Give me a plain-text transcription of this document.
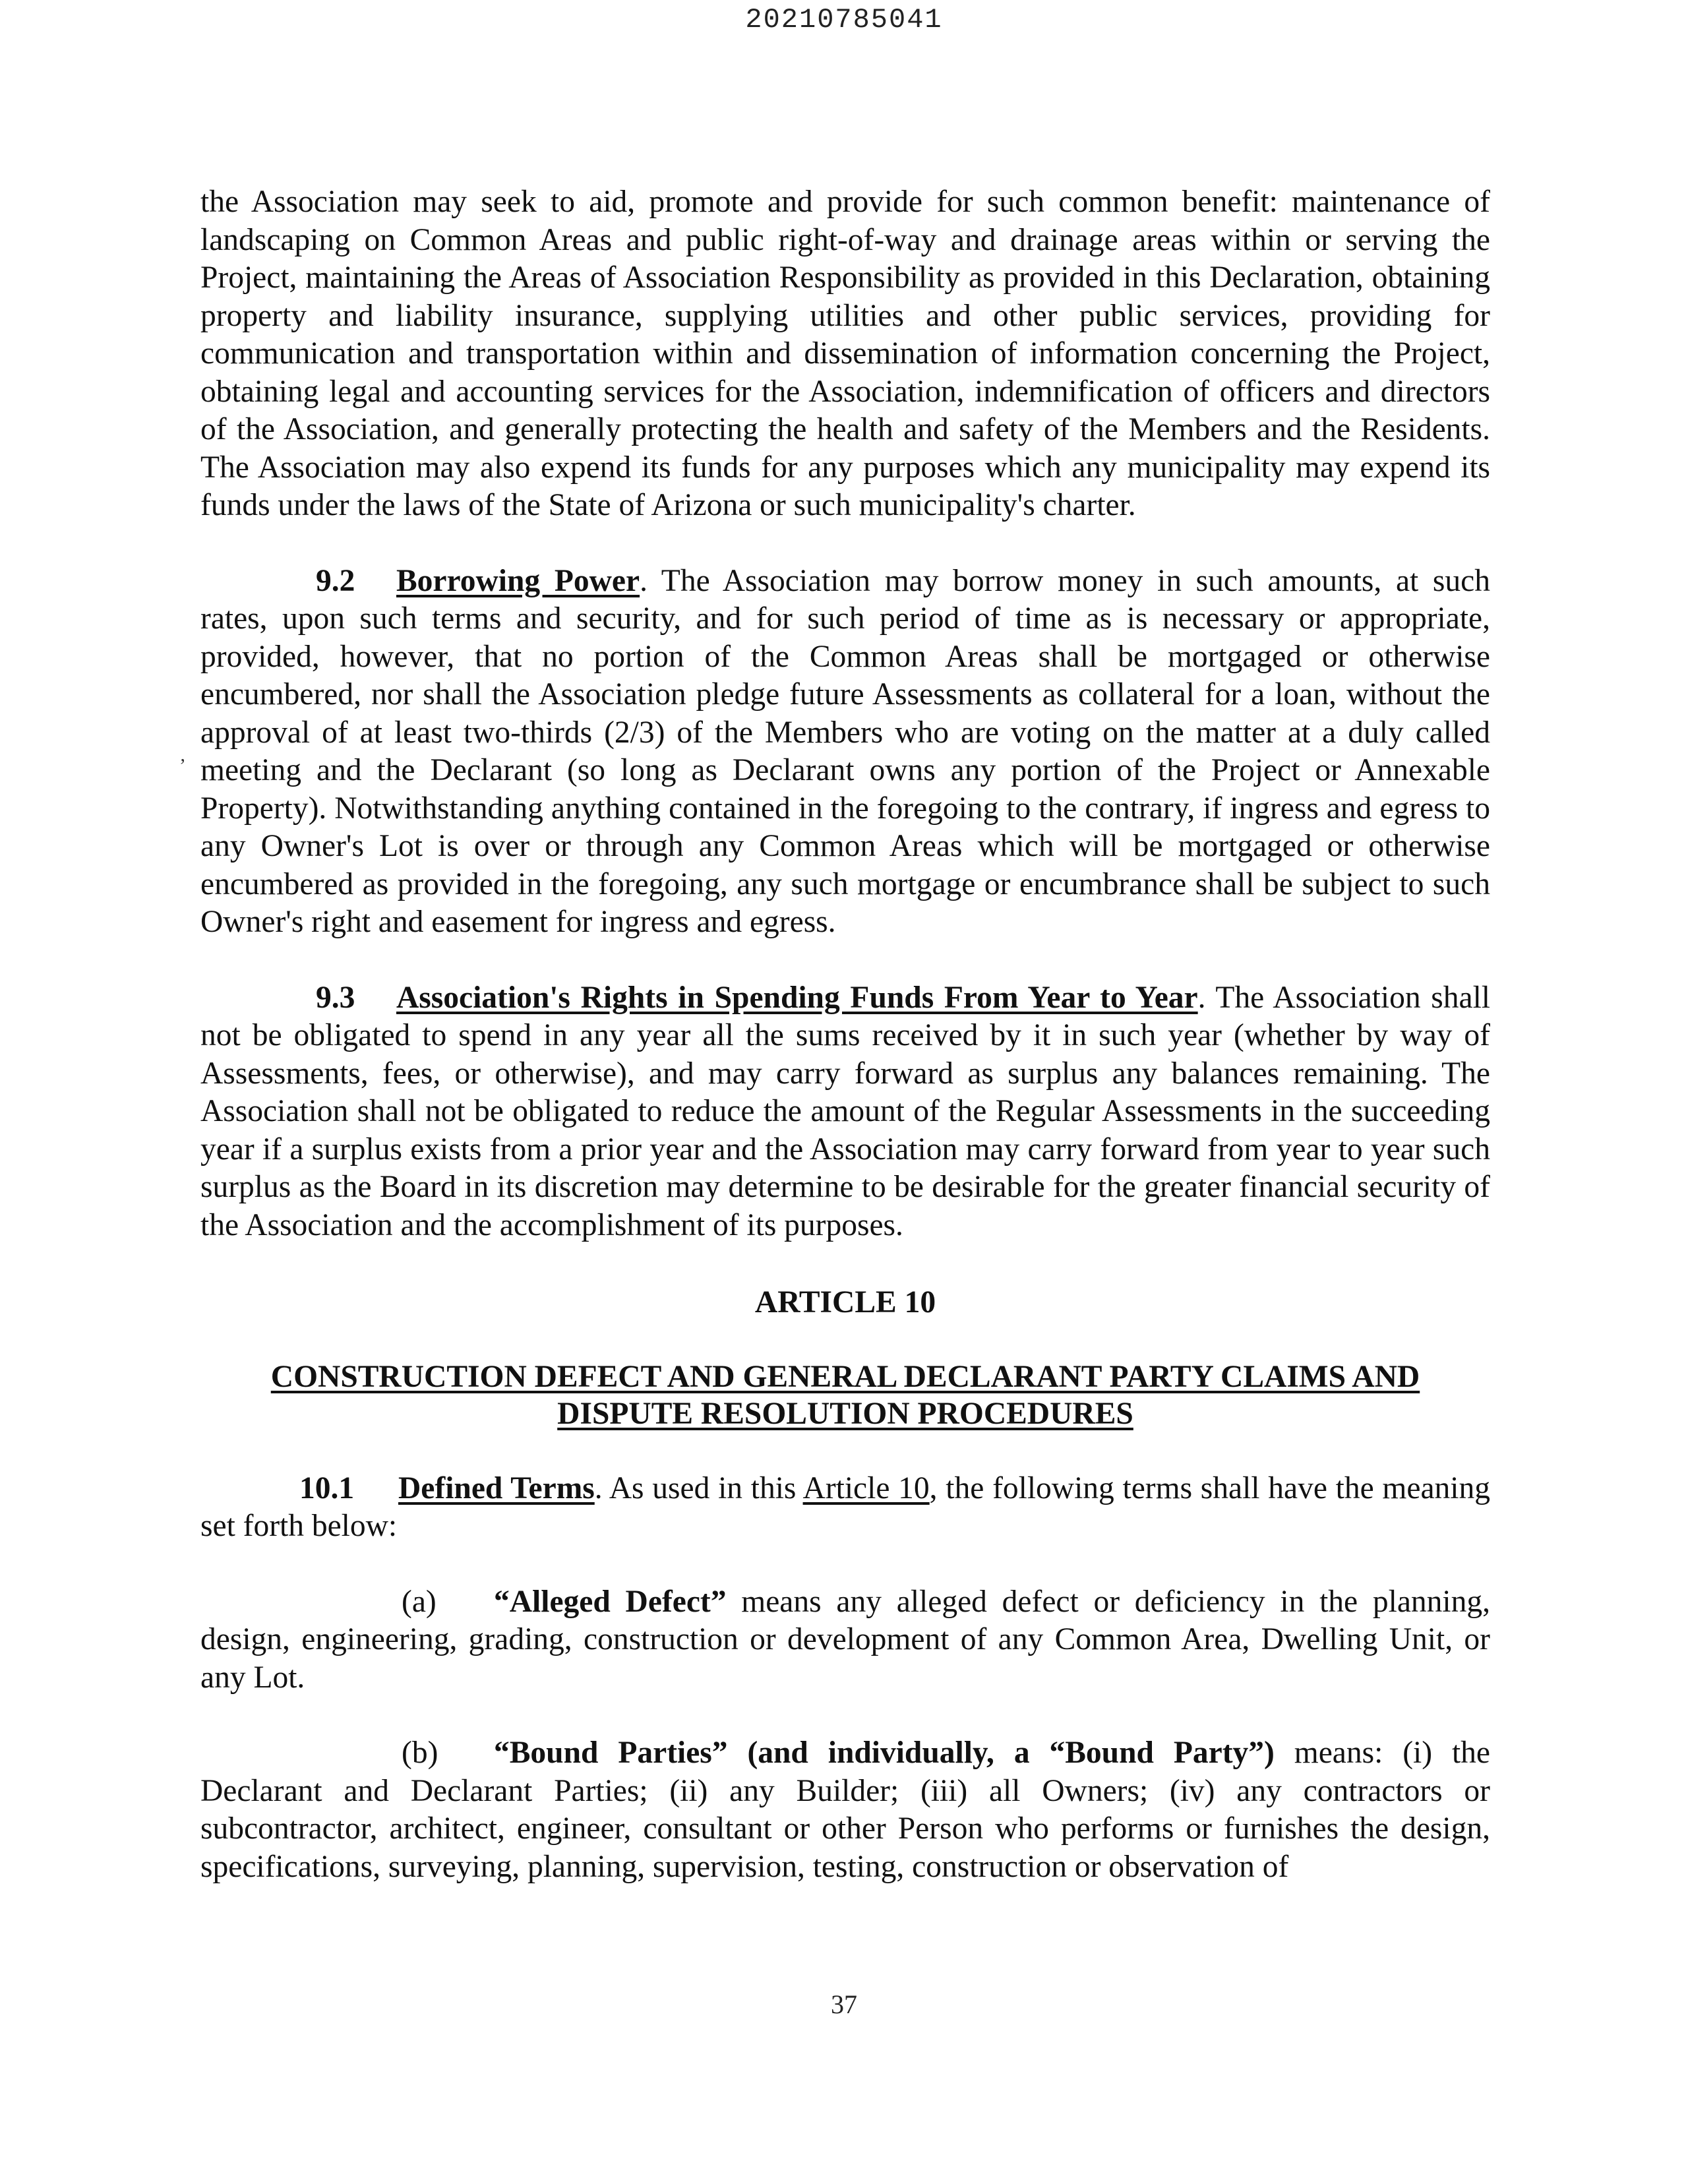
20210785041
‚

the Association may seek to aid, promote and provide for such common benefit: maintenance of landscaping on Common Areas and public right-of-way and drainage areas within or serving the Project, maintaining the Areas of Association Responsibility as provided in this Declaration, obtaining property and liability insurance, supplying utilities and other public services, providing for communication and transportation within and dissemination of information concerning the Project, obtaining legal and accounting services for the Association, indemnification of officers and directors of the Association, and generally protecting the health and safety of the Members and the Residents. The Association may also expend its funds for any purposes which any municipality may expend its funds under the laws of the State of Arizona or such municipality's charter.

9.2 Borrowing Power. The Association may borrow money in such amounts, at such rates, upon such terms and security, and for such period of time as is necessary or appropriate, provided, however, that no portion of the Common Areas shall be mortgaged or otherwise encumbered, nor shall the Association pledge future Assessments as collateral for a loan, without the approval of at least two-thirds (2/3) of the Members who are voting on the matter at a duly called meeting and the Declarant (so long as Declarant owns any portion of the Project or Annexable Property). Notwithstanding anything contained in the foregoing to the contrary, if ingress and egress to any Owner's Lot is over or through any Common Areas which will be mortgaged or otherwise encumbered as provided in the foregoing, any such mortgage or encumbrance shall be subject to such Owner's right and easement for ingress and egress.

9.3 Association's Rights in Spending Funds From Year to Year. The Association shall not be obligated to spend in any year all the sums received by it in such year (whether by way of Assessments, fees, or otherwise), and may carry forward as surplus any balances remaining. The Association shall not be obligated to reduce the amount of the Regular Assessments in the succeeding year if a surplus exists from a prior year and the Association may carry forward from year to year such surplus as the Board in its discretion may determine to be desirable for the greater financial security of the Association and the accomplishment of its purposes.

ARTICLE 10
CONSTRUCTION DEFECT AND GENERAL DECLARANT PARTY CLAIMS AND
DISPUTE RESOLUTION PROCEDURES

10.1 Defined Terms. As used in this Article 10, the following terms shall have the meaning set forth below:

(a) “Alleged Defect” means any alleged defect or deficiency in the planning, design, engineering, grading, construction or development of any Common Area, Dwelling Unit, or any Lot.

(b) “Bound Parties” (and individually, a “Bound Party”) means: (i) the Declarant and Declarant Parties; (ii) any Builder; (iii) all Owners; (iv) any contractors or subcontractor, architect, engineer, consultant or other Person who performs or furnishes the design, specifications, surveying, planning, supervision, testing, construction or observation of

37
